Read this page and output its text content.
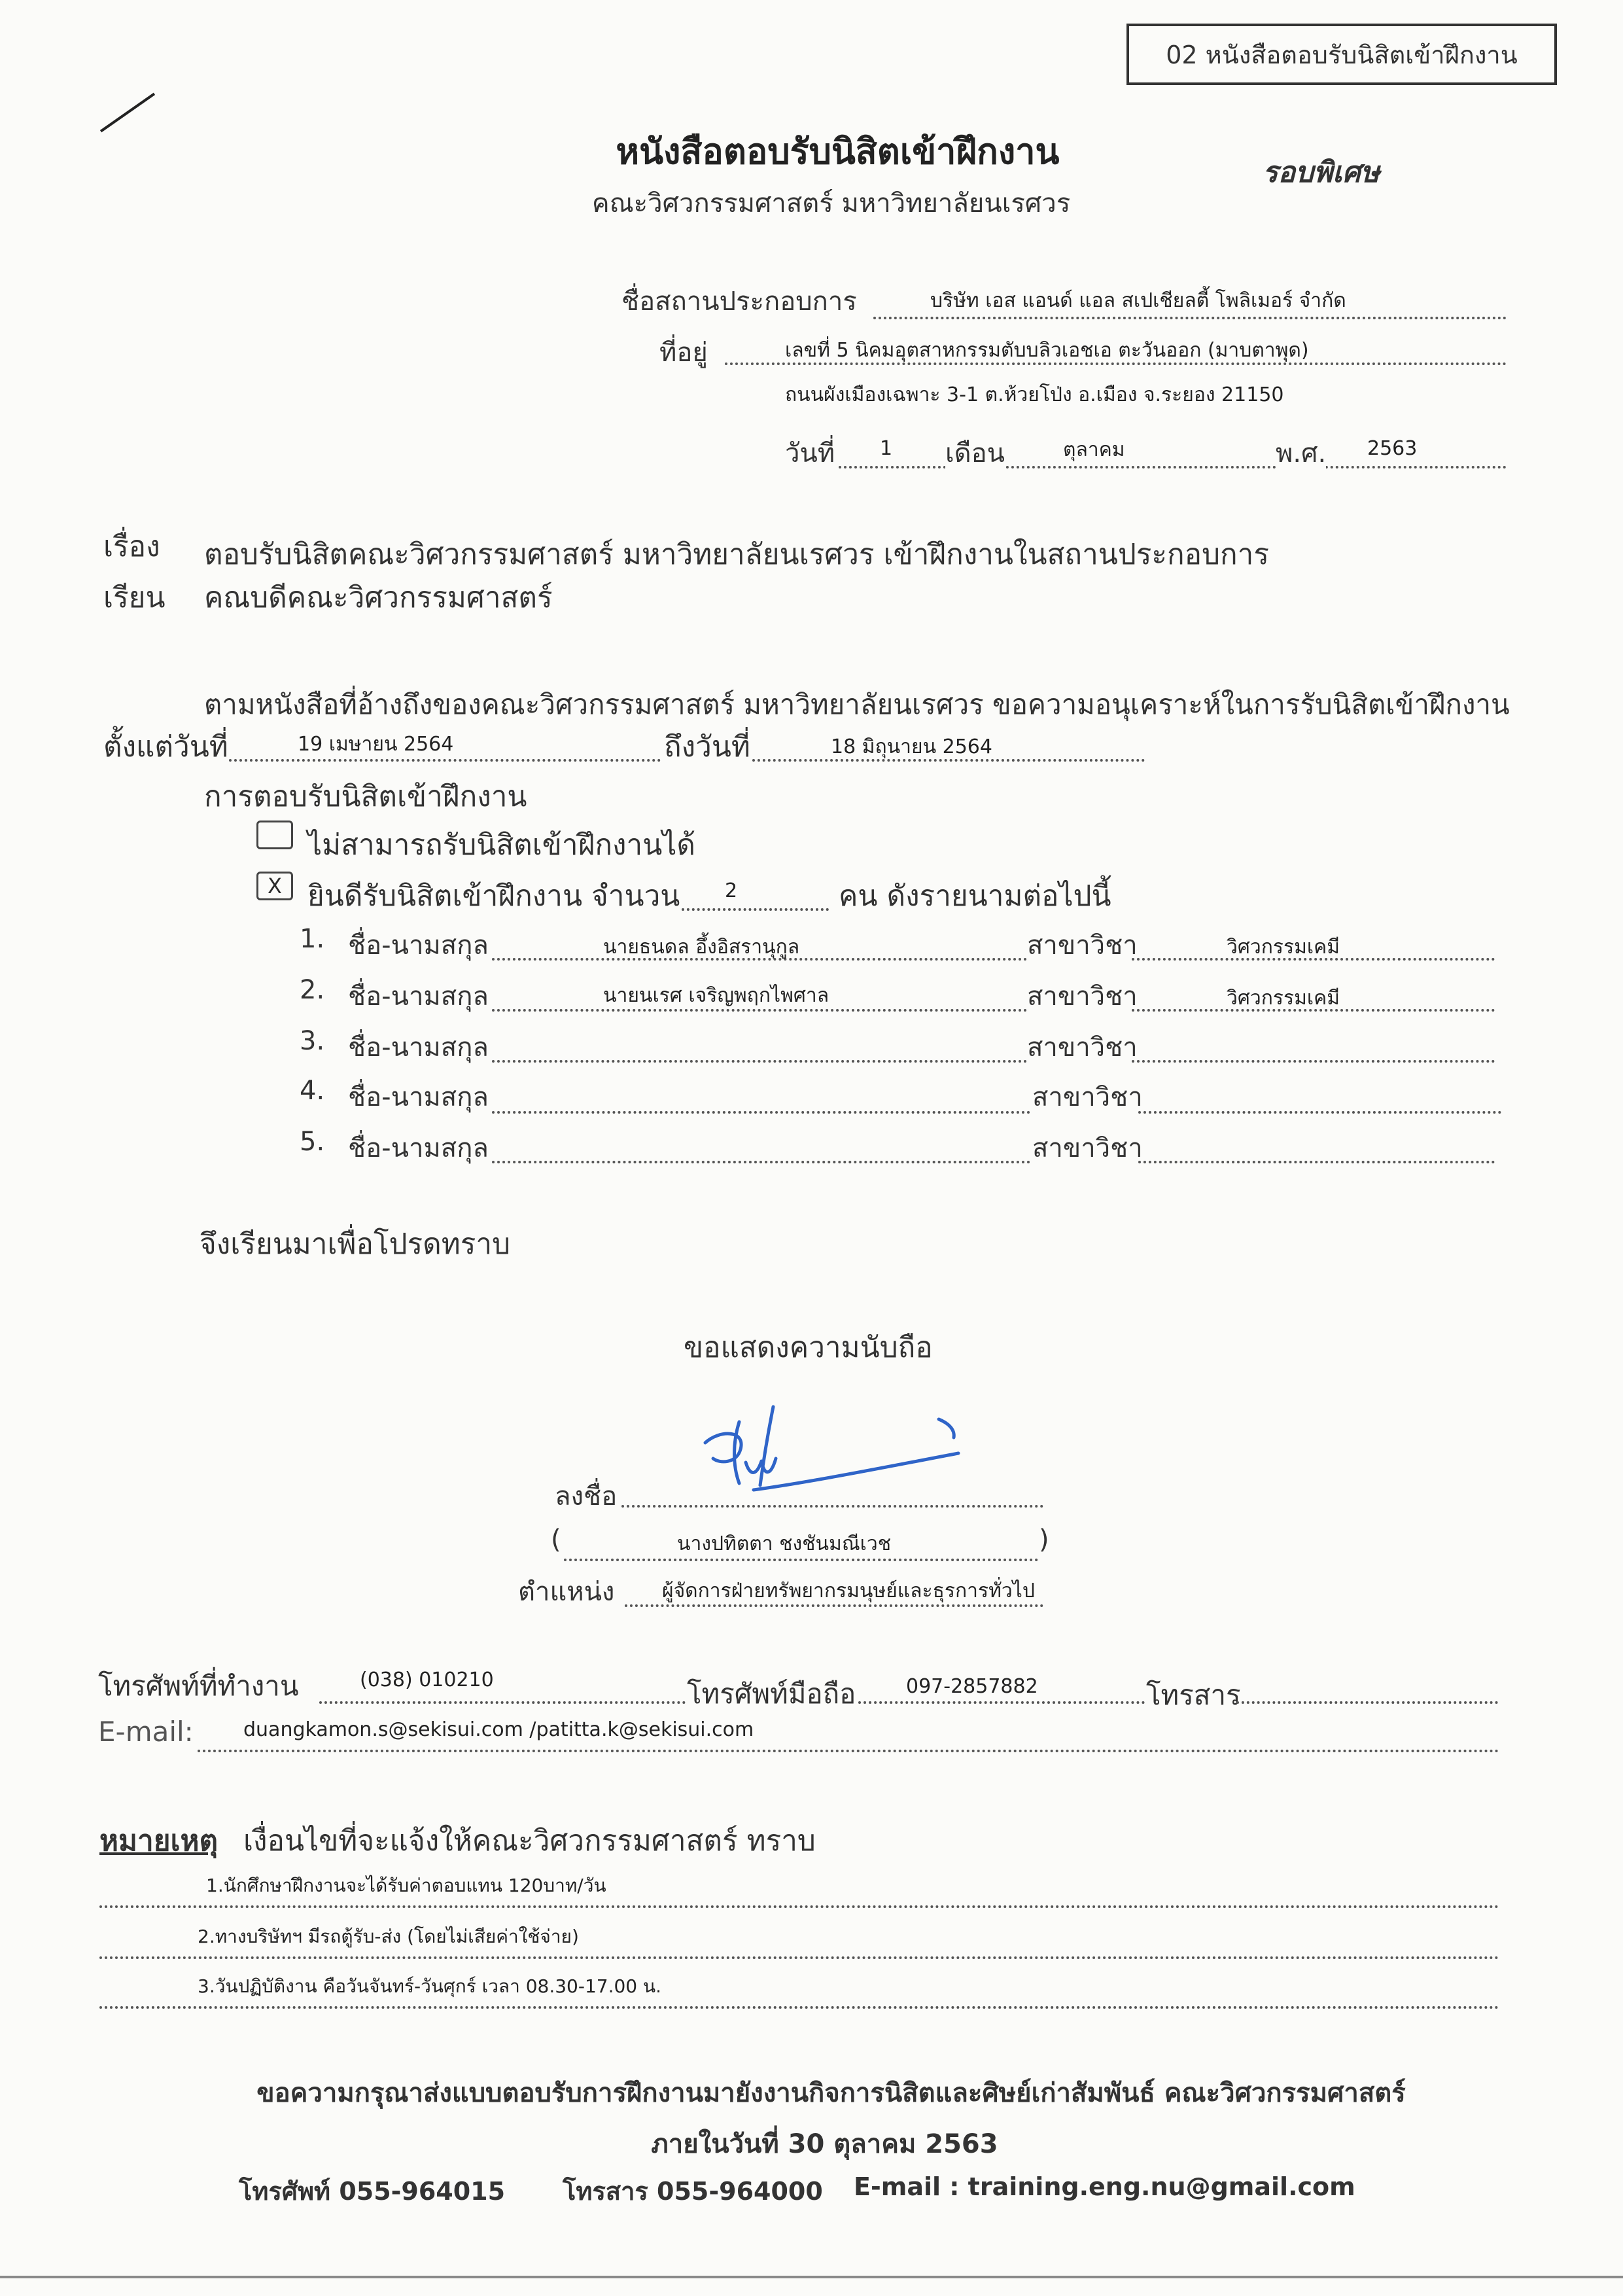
02 หนังสือตอบรับนิสิตเข้าฝึกงาน
หนังสือตอบรับนิสิตเข้าฝึกงาน
คณะวิศวกรรมศาสตร์ มหาวิทยาลัยนเรศวร
รอบพิเศษ
ชื่อสถานประกอบการ	บริษัท เอส แอนด์ แอล สเปเชียลตี้ โพลิเมอร์ จำกัด
ที่อยู่	เลขที่ 5 นิคมอุตสาหกรรมตับบลิวเอชเอ ตะวันออก (มาบตาพุด)
ถนนผังเมืองเฉพาะ 3-1 ต.ห้วยโป่ง อ.เมือง จ.ระยอง 21150
วันที่ 1 เดือน	ตุลาคม	พ.ศ. 2563
เรื่อง ตอบรับนิสิตคณะวิศวกรรมศาสตร์ มหาวิทยาลัยนเรศวร เข้าฝึกงานในสถานประกอบการ
เรียน คณบดีคณะวิศวกรรมศาสตร์
ตามหนังสือที่อ้างถึงของคณะวิศวกรรมศาสตร์ มหาวิทยาลัยนเรศวร ขอความอนุเคราะห์ในการรับนิสิตเข้าฝึกงาน
ตั้งแต่วันที่	19 เมษายน 2564	ถึงวันที่	18 มิถุนายน 2564
การตอบรับนิสิตเข้าฝึกงาน
ไม่สามารถรับนิสิตเข้าฝึกงานได้
X ยินดีรับนิสิตเข้าฝึกงาน จำนวน 2	คน ดังรายนามต่อไปนี้
1. ชื่อ-นามสกุล	นายธนดล อึ้งอิสรานุกูล	สาขาวิชา	วิศวกรรมเคมี
2. ชื่อ-นามสกุล	นายนเรศ เจริญพฤกไพศาล	สาขาวิชา	วิศวกรรมเคมี
3. ชื่อ-นามสกุล	สาขาวิชา
4. ชื่อ-นามสกุล	สาขาวิชา
5. ชื่อ-นามสกุล	สาขาวิชา
จึงเรียนมาเพื่อโปรดทราบ
ขอแสดงความนับถือ
ลงชื่อ
(	นางปทิตตา ชงชันมณีเวช	)
ตำแหน่ง ผู้จัดการฝ่ายทรัพยากรมนุษย์และธุรการทั่วไป
โทรศัพท์ที่ทำงาน	(038) 010210	โทรศัพท์มือถือ	097-2857882	โทรสาร
E-mail:	duangkamon.s@sekisui.com /patitta.k@sekisui.com
หมายเหตุ เงื่อนไขที่จะแจ้งให้คณะวิศวกรรมศาสตร์ ทราบ
1.นักศึกษาฝึกงานจะได้รับค่าตอบแทน 120บาท/วัน
2.ทางบริษัทฯ มีรถตู้รับ-ส่ง (โดยไม่เสียค่าใช้จ่าย)
3.วันปฏิบัติงาน คือวันจันทร์-วันศุกร์ เวลา 08.30-17.00 น.
ขอความกรุณาส่งแบบตอบรับการฝึกงานมายังงานกิจการนิสิตและศิษย์เก่าสัมพันธ์ คณะวิศวกรรมศาสตร์
ภายในวันที่ 30 ตุลาคม 2563
โทรศัพท์ 055-964015 โทรสาร 055-964000 E-mail : training.eng.nu@gmail.com
